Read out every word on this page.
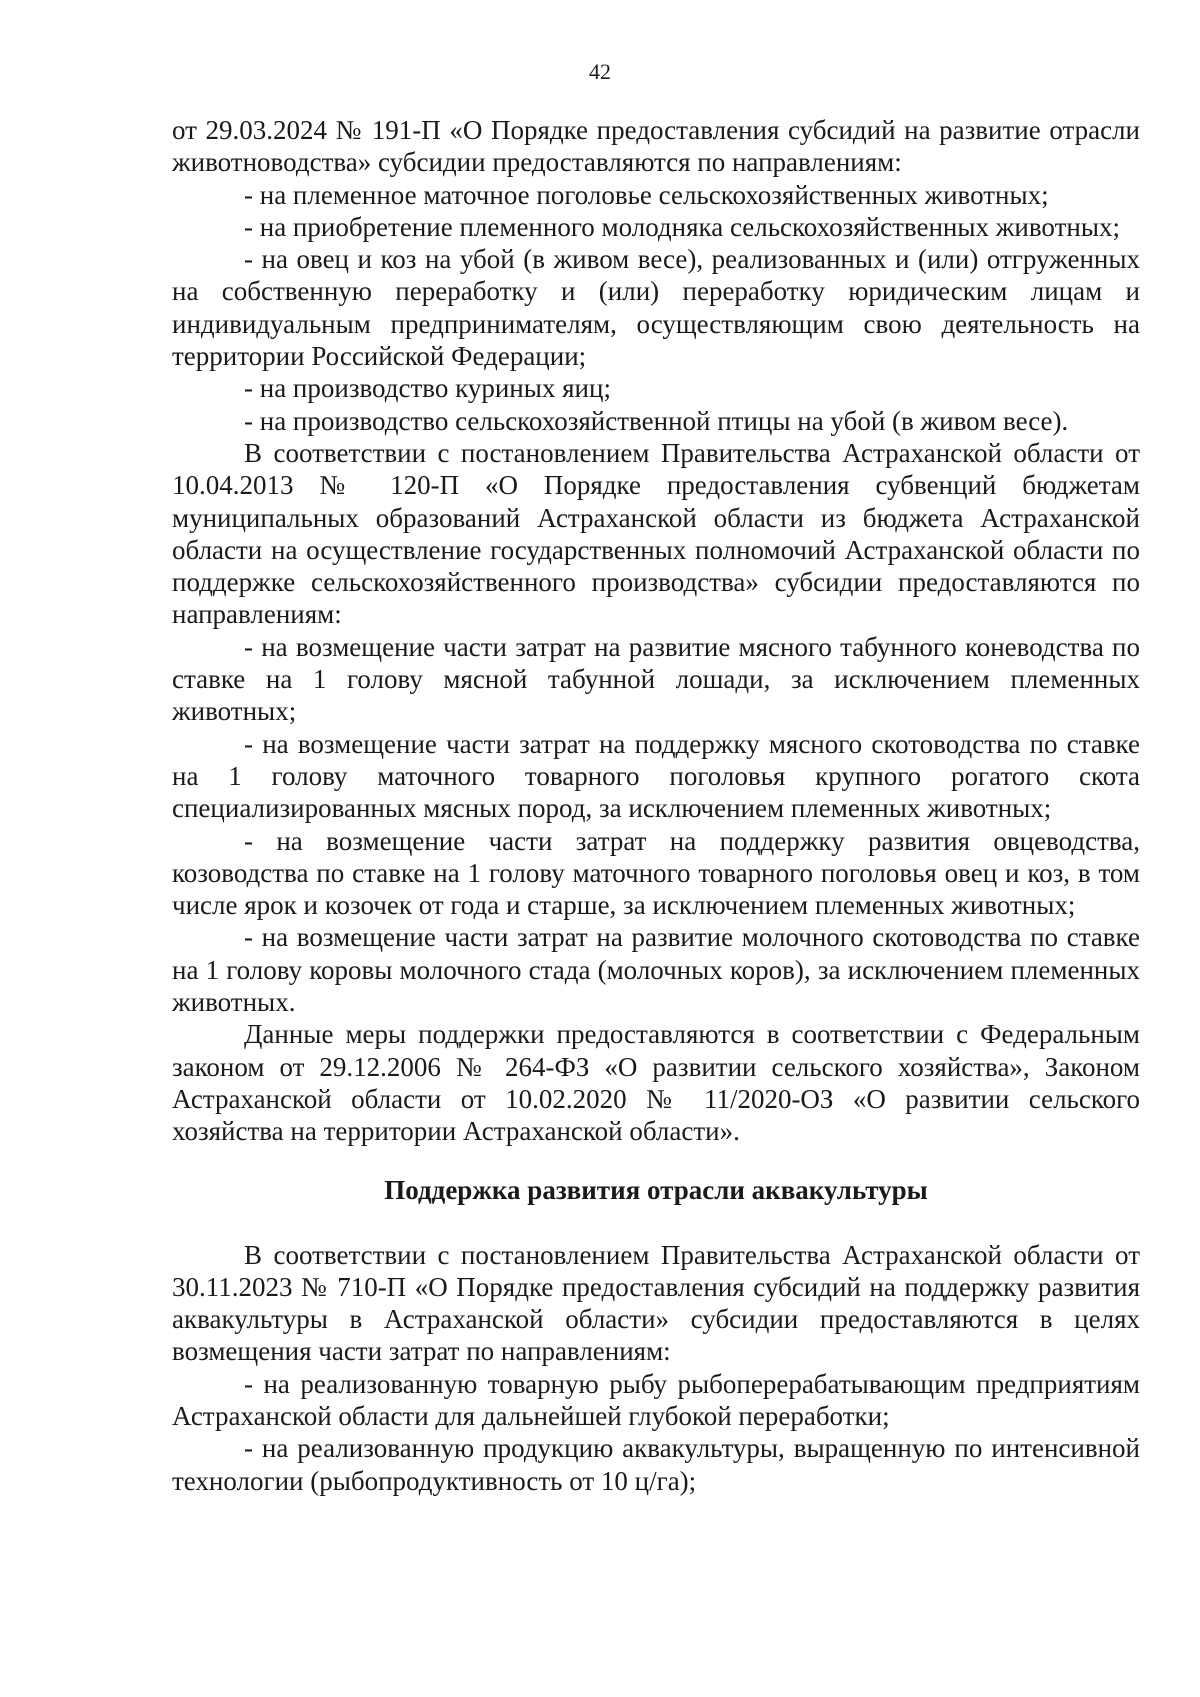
42

от 29.03.2024 № 191-П «О Порядке предоставления субсидий на развитие отрасли животноводства» субсидии предоставляются по направлениям:

- на племенное маточное поголовье сельскохозяйственных животных;

- на приобретение племенного молодняка сельскохозяйственных животных;

- на овец и коз на убой (в живом весе), реализованных и (или) отгруженных на собственную переработку и (или) переработку юридическим лицам и индивидуальным предпринимателям, осуществляющим свою деятельность на территории Российской Федерации;

- на производство куриных яиц;

- на производство сельскохозяйственной птицы на убой (в живом весе).

В соответствии с постановлением Правительства Астраханской области от 10.04.2013 № 120-П «О Порядке предоставления субвенций бюджетам муниципальных образований Астраханской области из бюджета Астраханской области на осуществление государственных полномочий Астраханской области по поддержке сельскохозяйственного производства» субсидии предоставляются по направлениям:

- на возмещение части затрат на развитие мясного табунного коневодства по ставке на 1 голову мясной табунной лошади, за исключением племенных животных;

- на возмещение части затрат на поддержку мясного скотоводства по ставке на 1 голову маточного товарного поголовья крупного рогатого скота специализированных мясных пород, за исключением племенных животных;

- на возмещение части затрат на поддержку развития овцеводства, козоводства по ставке на 1 голову маточного товарного поголовья овец и коз, в том числе ярок и козочек от года и старше, за исключением племенных животных;

- на возмещение части затрат на развитие молочного скотоводства по ставке на 1 голову коровы молочного стада (молочных коров), за исключением племенных животных.

Данные меры поддержки предоставляются в соответствии с Федеральным законом от 29.12.2006 № 264-ФЗ «О развитии сельского хозяйства», Законом Астраханской области от 10.02.2020 № 11/2020-ОЗ «О развитии сельского хозяйства на территории Астраханской области».

Поддержка развития отрасли аквакультуры

В соответствии с постановлением Правительства Астраханской области от 30.11.2023 № 710-П «О Порядке предоставления субсидий на поддержку развития аквакультуры в Астраханской области» субсидии предоставляются в целях возмещения части затрат по направлениям:

- на реализованную товарную рыбу рыбоперерабатывающим предприятиям Астраханской области для дальнейшей глубокой переработки;

- на реализованную продукцию аквакультуры, выращенную по интенсивной технологии (рыбопродуктивность от 10 ц/га);
